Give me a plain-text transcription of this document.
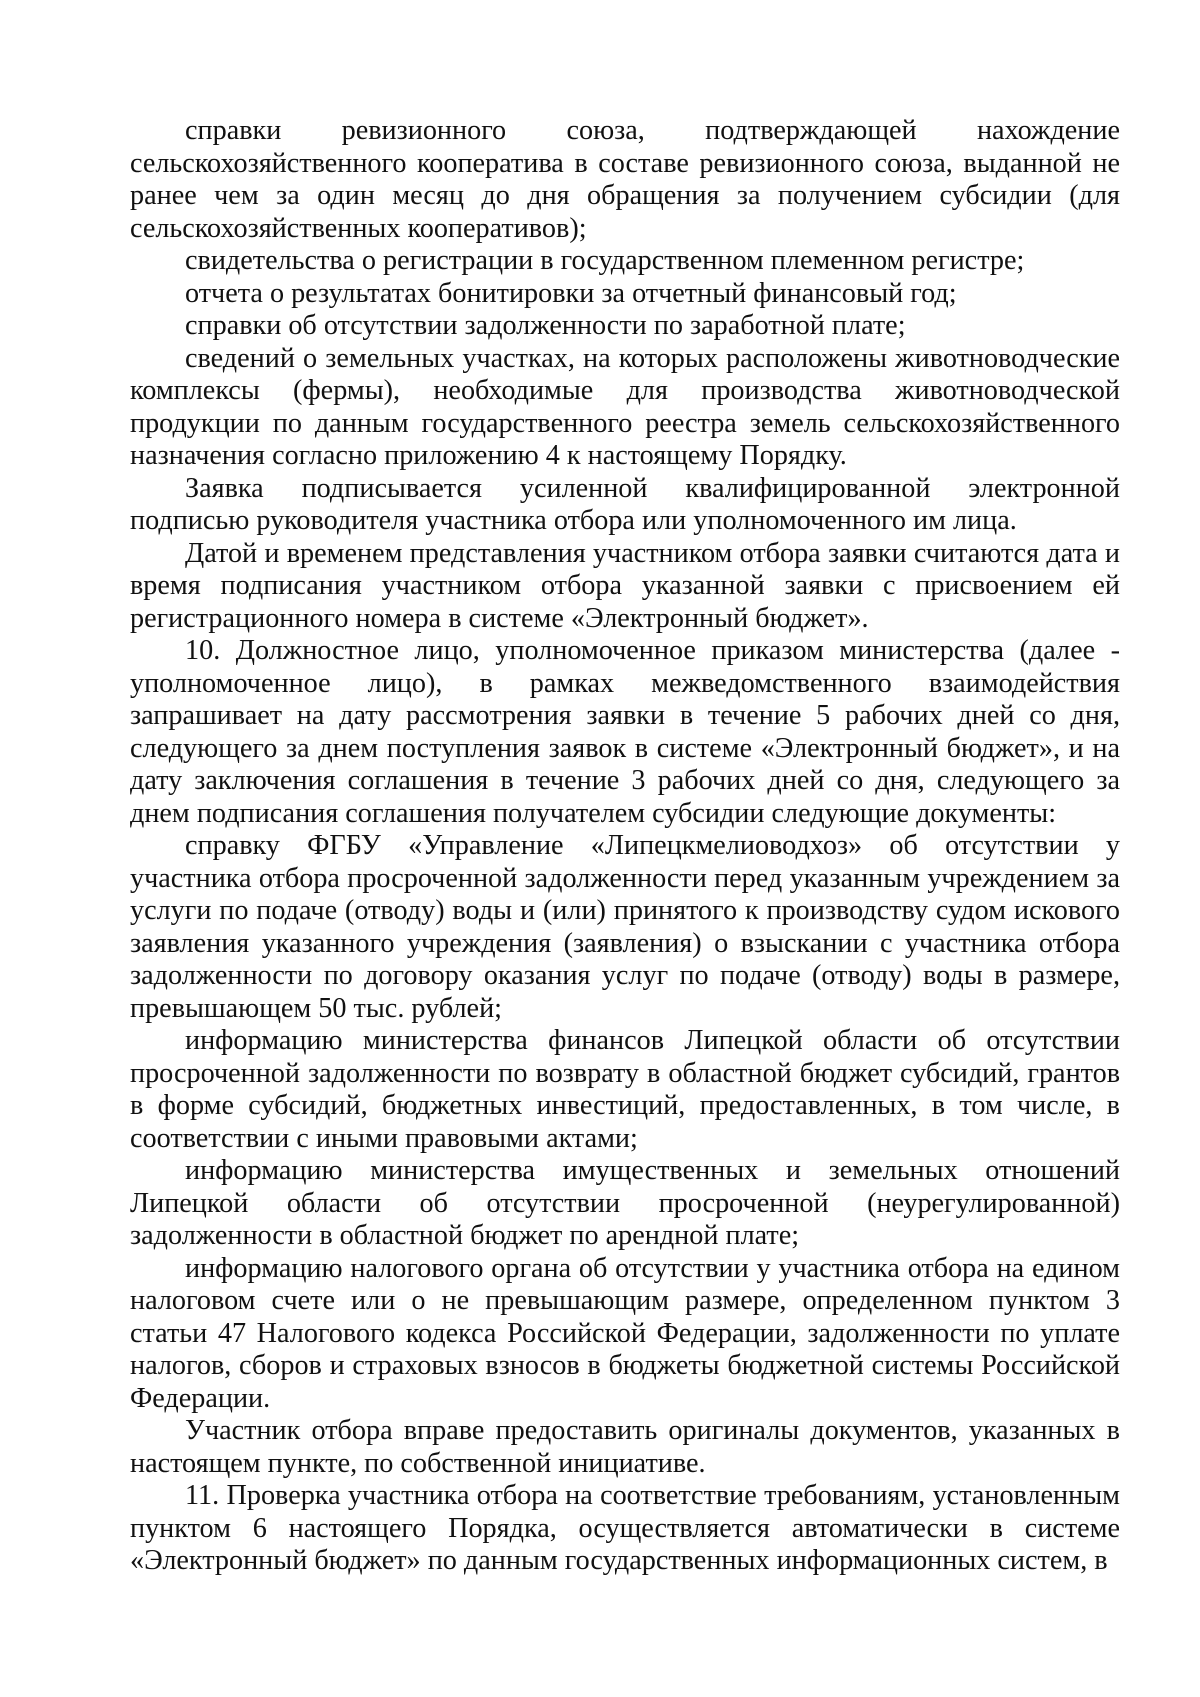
справки ревизионного союза, подтверждающей нахождение сельскохозяйственного кооператива в составе ревизионного союза, выданной не ранее чем за один месяц до дня обращения за получением субсидии (для сельскохозяйственных кооперативов);

свидетельства о регистрации в государственном племенном регистре;

отчета о результатах бонитировки за отчетный финансовый год;

справки об отсутствии задолженности по заработной плате;

сведений о земельных участках, на которых расположены животноводческие комплексы (фермы), необходимые для производства животноводческой продукции по данным государственного реестра земель сельскохозяйственного назначения согласно приложению 4 к настоящему Порядку.

Заявка подписывается усиленной квалифицированной электронной подписью руководителя участника отбора или уполномоченного им лица.

Датой и временем представления участником отбора заявки считаются дата и время подписания участником отбора указанной заявки с присвоением ей регистрационного номера в системе «Электронный бюджет».

10. Должностное лицо, уполномоченное приказом министерства (далее - уполномоченное лицо), в рамках межведомственного взаимодействия запрашивает на дату рассмотрения заявки в течение 5 рабочих дней со дня, следующего за днем поступления заявок в системе «Электронный бюджет», и на дату заключения соглашения в течение 3 рабочих дней со дня, следующего за днем подписания соглашения получателем субсидии следующие документы:

справку ФГБУ «Управление «Липецкмелиоводхоз» об отсутствии у участника отбора просроченной задолженности перед указанным учреждением за услуги по подаче (отводу) воды и (или) принятого к производству судом искового заявления указанного учреждения (заявления) о взыскании с участника отбора задолженности по договору оказания услуг по подаче (отводу) воды в размере, превышающем 50 тыс. рублей;

информацию министерства финансов Липецкой области об отсутствии просроченной задолженности по возврату в областной бюджет субсидий, грантов в форме субсидий, бюджетных инвестиций, предоставленных, в том числе, в соответствии с иными правовыми актами;

информацию министерства имущественных и земельных отношений Липецкой области об отсутствии просроченной (неурегулированной) задолженности в областной бюджет по арендной плате;

информацию налогового органа об отсутствии у участника отбора на едином налоговом счете или о не превышающим размере, определенном пунктом 3 статьи 47 Налогового кодекса Российской Федерации, задолженности по уплате налогов, сборов и страховых взносов в бюджеты бюджетной системы Российской Федерации.

Участник отбора вправе предоставить оригиналы документов, указанных в настоящем пункте, по собственной инициативе.

11. Проверка участника отбора на соответствие требованиям, установленным пунктом 6 настоящего Порядка, осуществляется автоматически в системе «Электронный бюджет» по данным государственных информационных систем, в
